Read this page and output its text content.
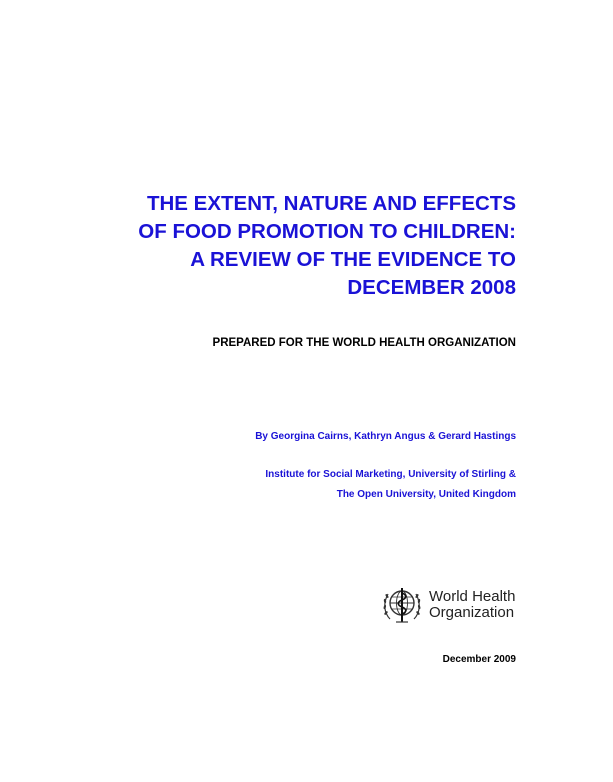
THE EXTENT, NATURE AND EFFECTS
OF FOOD PROMOTION TO CHILDREN:
A REVIEW OF THE EVIDENCE TO
DECEMBER 2008
PREPARED FOR THE WORLD HEALTH ORGANIZATION
By Georgina Cairns, Kathryn Angus & Gerard Hastings
Institute for Social Marketing, University of Stirling &
The Open University, United Kingdom
World Health
Organization
December 2009
